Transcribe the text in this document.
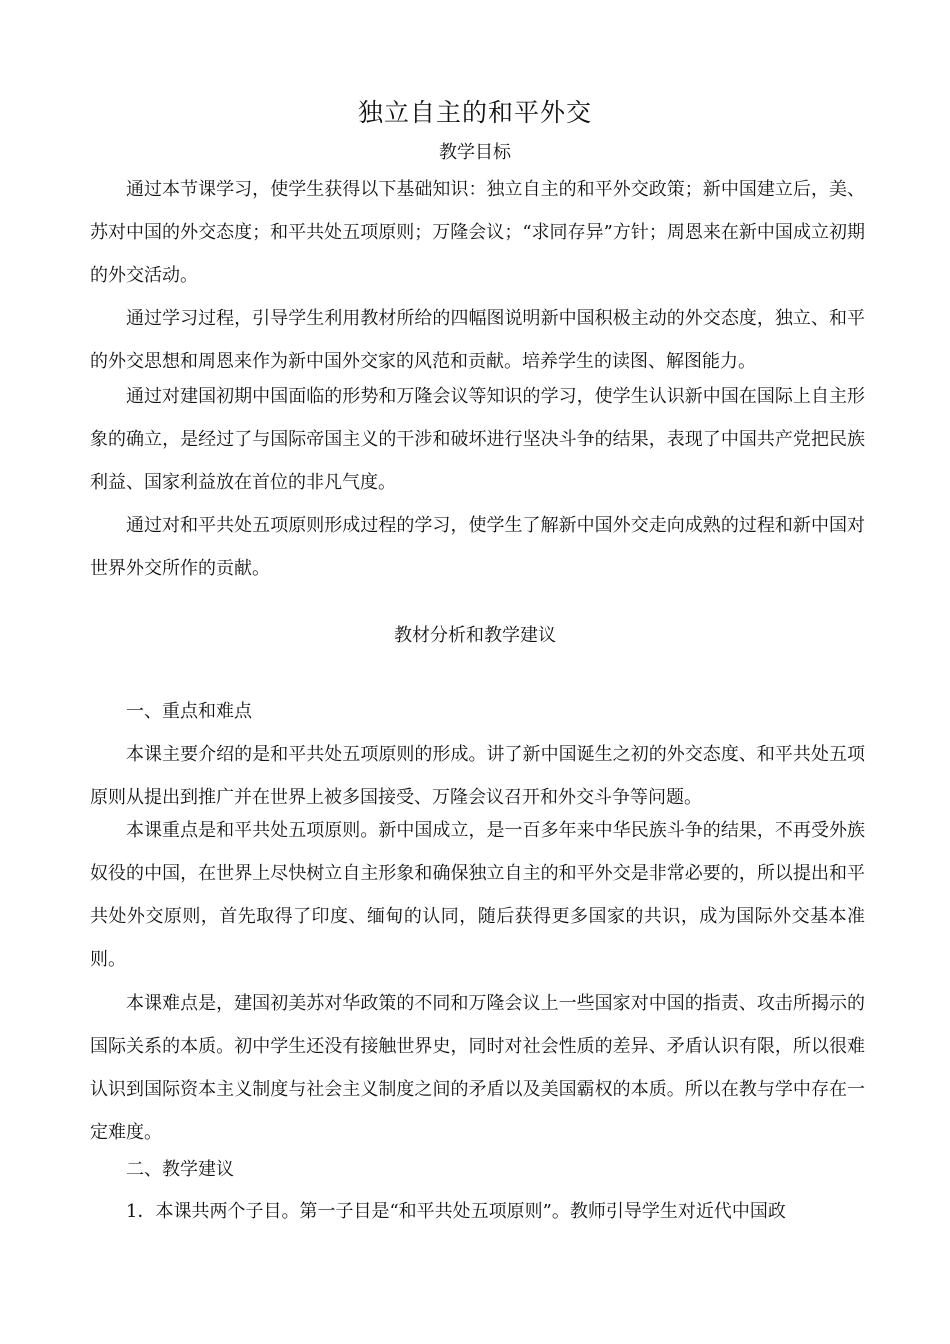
独立自主的和平外交
教学目标

通过本节课学习，使学生获得以下基础知识：独立自主的和平外交政策；新中国建立后，美、苏对中国的外交态度；和平共处五项原则；万隆会议；“求同存异”方针；周恩来在新中国成立初期的外交活动。

通过学习过程，引导学生利用教材所给的四幅图说明新中国积极主动的外交态度，独立、和平的外交思想和周恩来作为新中国外交家的风范和贡献。培养学生的读图、解图能力。

通过对建国初期中国面临的形势和万隆会议等知识的学习，使学生认识新中国在国际上自主形象的确立，是经过了与国际帝国主义的干涉和破坏进行坚决斗争的结果，表现了中国共产党把民族利益、国家利益放在首位的非凡气度。

通过对和平共处五项原则形成过程的学习，使学生了解新中国外交走向成熟的过程和新中国对世界外交所作的贡献。

教材分析和教学建议

一、重点和难点

本课主要介绍的是和平共处五项原则的形成。讲了新中国诞生之初的外交态度、和平共处五项原则从提出到推广并在世界上被多国接受、万隆会议召开和外交斗争等问题。

本课重点是和平共处五项原则。新中国成立，是一百多年来中华民族斗争的结果，不再受外族奴役的中国，在世界上尽快树立自主形象和确保独立自主的和平外交是非常必要的，所以提出和平共处外交原则，首先取得了印度、缅甸的认同，随后获得更多国家的共识，成为国际外交基本准则。

本课难点是，建国初美苏对华政策的不同和万隆会议上一些国家对中国的指责、攻击所揭示的国际关系的本质。初中学生还没有接触世界史，同时对社会性质的差异、矛盾认识有限，所以很难认识到国际资本主义制度与社会主义制度之间的矛盾以及美国霸权的本质。所以在教与学中存在一定难度。

二、教学建议

1．本课共两个子目。第一子目是“和平共处五项原则”。教师引导学生对近代中国政
